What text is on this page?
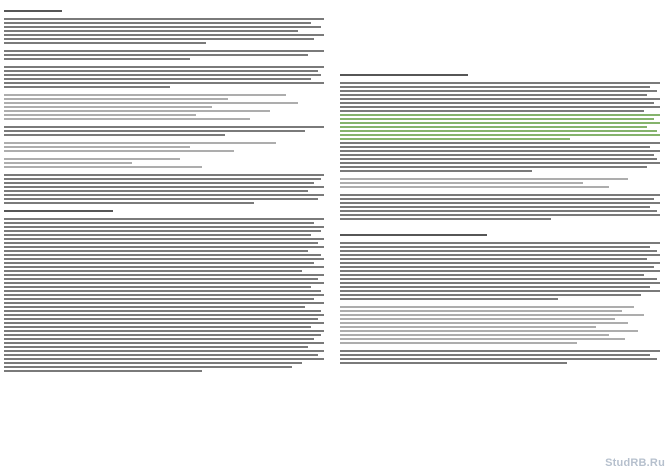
StudRB.Ru
